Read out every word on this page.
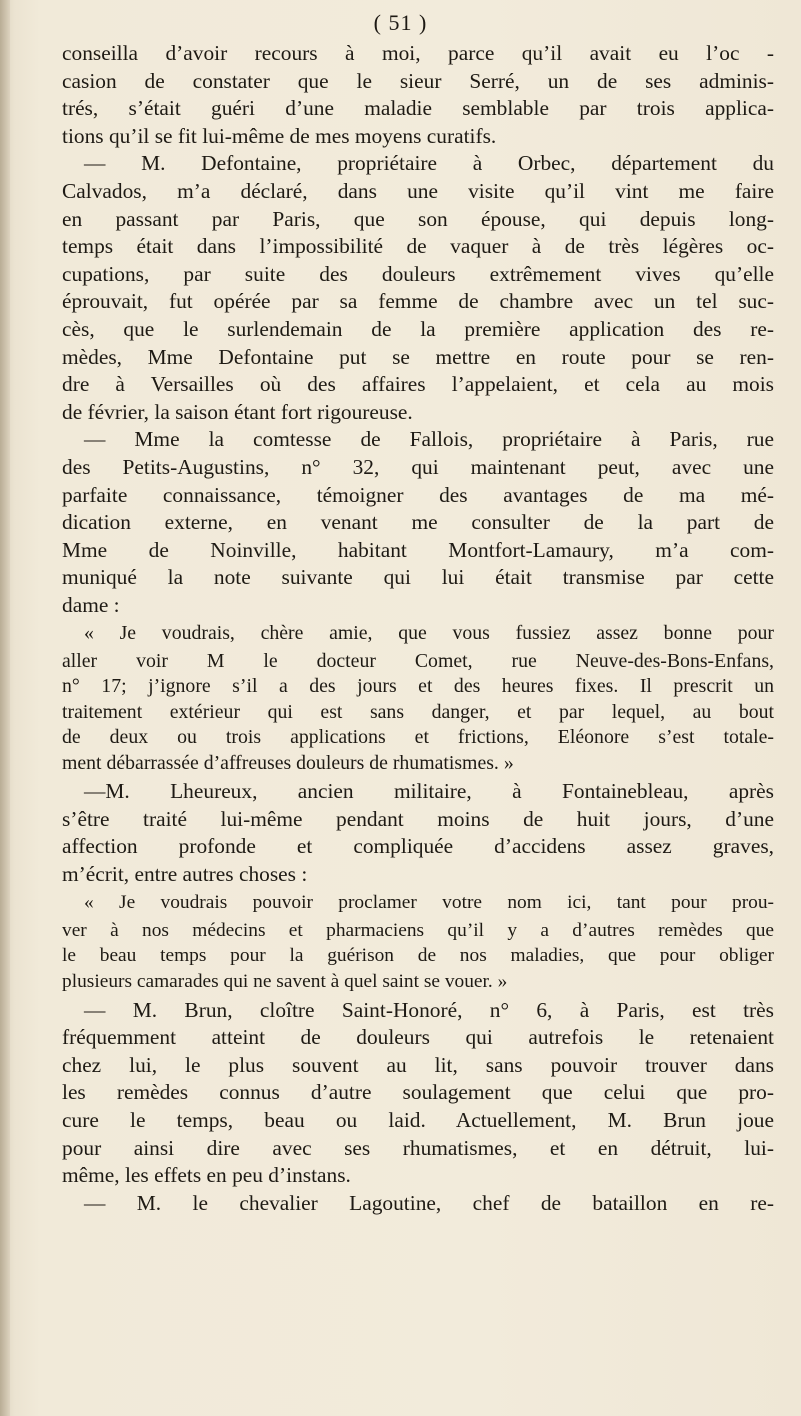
( 51 )

conseilla d’avoir recours à moi, parce qu’il avait eu l’oc -
casion de constater que le sieur Serré, un de ses adminis-
trés, s’était guéri d’une maladie semblable par trois applica-
tions qu’il se fit lui-même de mes moyens curatifs.

— M. Defontaine, propriétaire à Orbec, département du

Calvados, m’a déclaré, dans une visite qu’il vint me faire
en passant par Paris, que son épouse, qui depuis long-
temps était dans l’impossibilité de vaquer à de très légères oc-
cupations, par suite des douleurs extrêmement vives qu’elle
éprouvait, fut opérée par sa femme de chambre avec un tel suc-
cès, que le surlendemain de la première application des re-
mèdes, Mme Defontaine put se mettre en route pour se ren-
dre à Versailles où des affaires l’appelaient, et cela au mois
de février, la saison étant fort rigoureuse.

— Mme la comtesse de Fallois, propriétaire à Paris, rue

des Petits-Augustins, n° 32, qui maintenant peut, avec une
parfaite connaissance, témoigner des avantages de ma mé-
dication externe, en venant me consulter de la part de
Mme de Noinville, habitant Montfort-Lamaury, m’a com-
muniqué la note suivante qui lui était transmise par cette
dame :

« Je voudrais, chère amie, que vous fussiez assez bonne pour

aller voir M le docteur Comet, rue Neuve-des-Bons-Enfans,
n° 17; j’ignore s’il a des jours et des heures fixes. Il prescrit un
traitement extérieur qui est sans danger, et par lequel, au bout
de deux ou trois applications et frictions, Eléonore s’est totale-
ment débarrassée d’affreuses douleurs de rhumatismes. »

—M. Lheureux, ancien militaire, à Fontainebleau, après

s’être traité lui-même pendant moins de huit jours, d’une
affection profonde et compliquée d’accidens assez graves,
m’écrit, entre autres choses :

« Je voudrais pouvoir proclamer votre nom ici, tant pour prou-

ver à nos médecins et pharmaciens qu’il y a d’autres remèdes que
le beau temps pour la guérison de nos maladies, que pour obliger
plusieurs camarades qui ne savent à quel saint se vouer. »

— M. Brun, cloître Saint-Honoré, n° 6, à Paris, est très

fréquemment atteint de douleurs qui autrefois le retenaient
chez lui, le plus souvent au lit, sans pouvoir trouver dans
les remèdes connus d’autre soulagement que celui que pro-
cure le temps, beau ou laid. Actuellement, M. Brun joue
pour ainsi dire avec ses rhumatismes, et en détruit, lui-
même, les effets en peu d’instans.

— M. le chevalier Lagoutine, chef de bataillon en re-
